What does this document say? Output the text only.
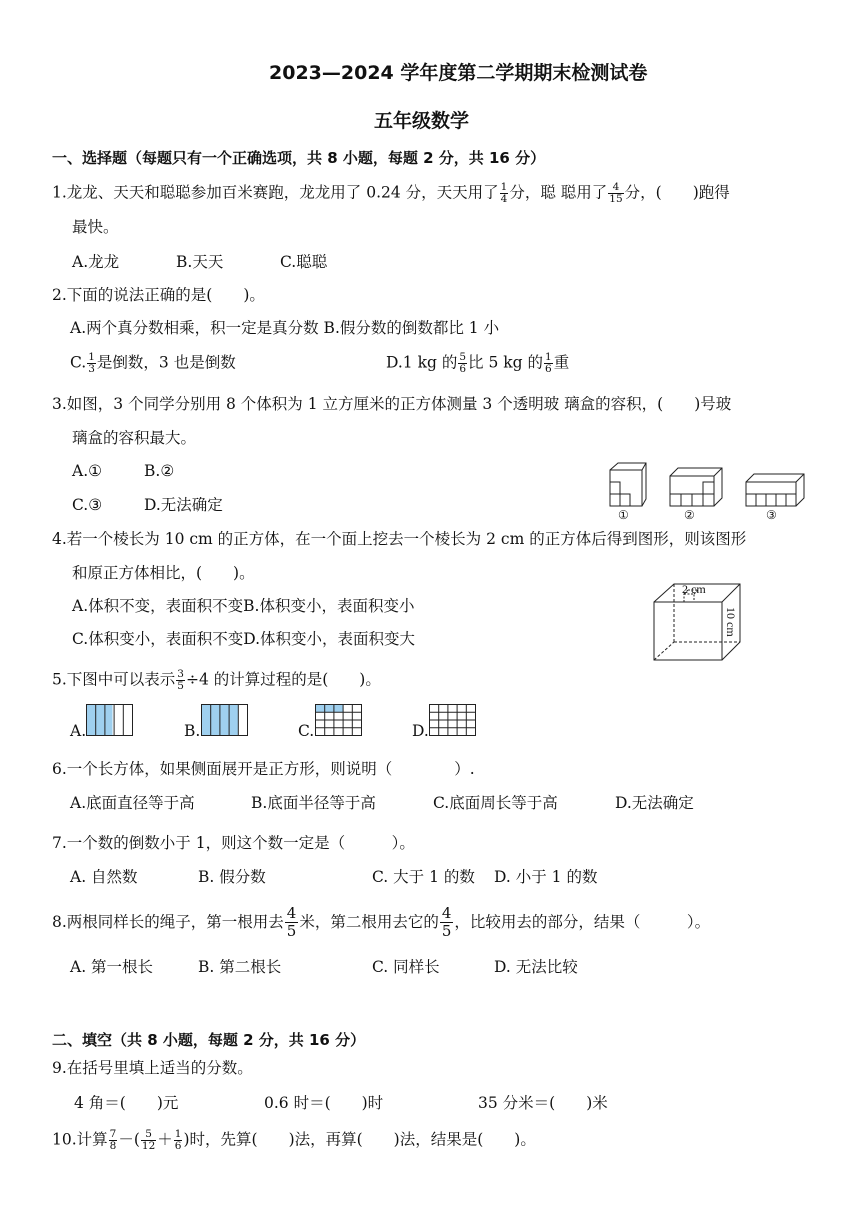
2023—2024 学年度第二学期期末检测试卷
五年级数学
一、选择题（每题只有一个正确选项，共 8 小题，每题 2 分，共 16 分）
1.龙龙、天天和聪聪参加百米赛跑，龙龙用了 0.24 分，天天用了 $\frac{1}{4}$ 分，聪 聪用了 $\frac{4}{15}$ 分，(　　)跑得
最快。
A.龙龙	B.天天	C.聪聪
2.下面的说法正确的是(　　)。
A.两个真分数相乘，积一定是真分数 B.假分数的倒数都比 1 小
C. $\frac{1}{3}$ 是倒数，3 也是倒数	D.1 kg 的 $\frac{5}{6}$ 比 5 kg 的 $\frac{1}{6}$ 重
3.如图，3 个同学分别用 8 个体积为 1 立方厘米的正方体测量 3 个透明玻 璃盒的容积，(　　)号玻
璃盒的容积最大。
A.①	B.②
C.③	D.无法确定
①	②	③
4.若一个棱长为 10 cm 的正方体，在一个面上挖去一个棱长为 2 cm 的正方体后得到图形，则该图形
和原正方体相比，(　　)。
A.体积不变，表面积不变B.体积变小，表面积变小
C.体积变小，表面积不变D.体积变小，表面积变大
2 cm
10 cm
5.下图中可以表示 $\frac{3}{5} \div 4$ 的计算过程的是(　　)。
A.	B.	C.	D.
6.一个长方体，如果侧面展开是正方形，则说明（　　　　）.
A.底面直径等于高	B.底面半径等于高	C.底面周长等于高	D.无法确定
7.一个数的倒数小于 1，则这个数一定是（　　　）。
A. 自然数	B. 假分数	C. 大于 1 的数 D. 小于 1 的数
8.两根同样长的绳子，第一根用去 $\frac{4}{5}$ 米，第二根用去它的 $\frac{4}{5}$ ，比较用去的部分，结果（　　　）。
A. 第一根长	B. 第二根长	C. 同样长	D. 无法比较
二、填空（共 8 小题，每题 2 分，共 16 分）
9.在括号里填上适当的分数。
4 角＝(　　)元	0.6 时＝(　　)时	35 分米＝(　　)米
10.计算 $\frac{7}{8}$ －( $\frac{5}{12} + \frac{1}{6}$ )时，先算(　　)法，再算(　　)法，结果是(　　)。
